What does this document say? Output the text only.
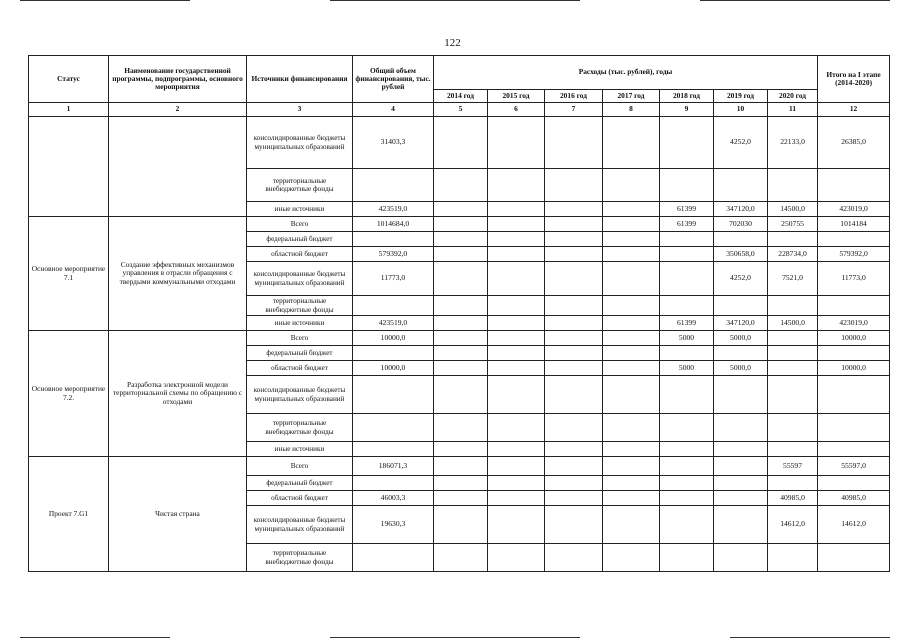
122
Статус	Наименование государственной программы, подпрограммы, основного мероприятия	Источники финансирования	Общий объем финансирования, тыс. рублей	Расходы (тыс. рублей), годы							Итого на I этапе (2014-2020)
				2014 год	2015 год	2016 год	2017 год	2018 год	2019 год	2020 год	
1	2	3	4	5	6	7	8	9	10	11	12
		консолидированные бюджеты муниципальных образований	31403,3						4252,0	22133,0	26385,0
		территориальные внебюджетные фонды									
		иные источники	423519,0					61399	347120,0	14500,0	423019,0
Основное мероприятие 7.1	Создание эффективных механизмов управления в отрасли обращения с твердыми коммунальными отходами	Всего	1014684,0					61399	702030	250755	1014184
		федеральный бюджет									
		областной бюджет	579392,0						350658,0	228734,0	579392,0
		консолидированные бюджеты муниципальных образований	11773,0						4252,0	7521,0	11773,0
		территориальные внебюджетные фонды									
		иные источники	423519,0					61399	347120,0	14500,0	423019,0
Основное мероприятие 7.2.	Разработка электронной модели территориальной схемы по обращению с отходами	Всего	10000,0					5000	5000,0		10000,0
		федеральный бюджет									
		областной бюджет	10000,0					5000	5000,0		10000,0
		консолидированные бюджеты муниципальных образований									
		территориальные внебюджетные фонды									
		иные источники									
Проект 7.G1	Чистая страна	Всего	186071,3							55597	55597,0
		федеральный бюджет									
		областной бюджет	46003,3							40985,0	40985,0
		консолидированные бюджеты муниципальных образований	19630,3							14612,0	14612,0
		территориальные внебюджетные фонды									
